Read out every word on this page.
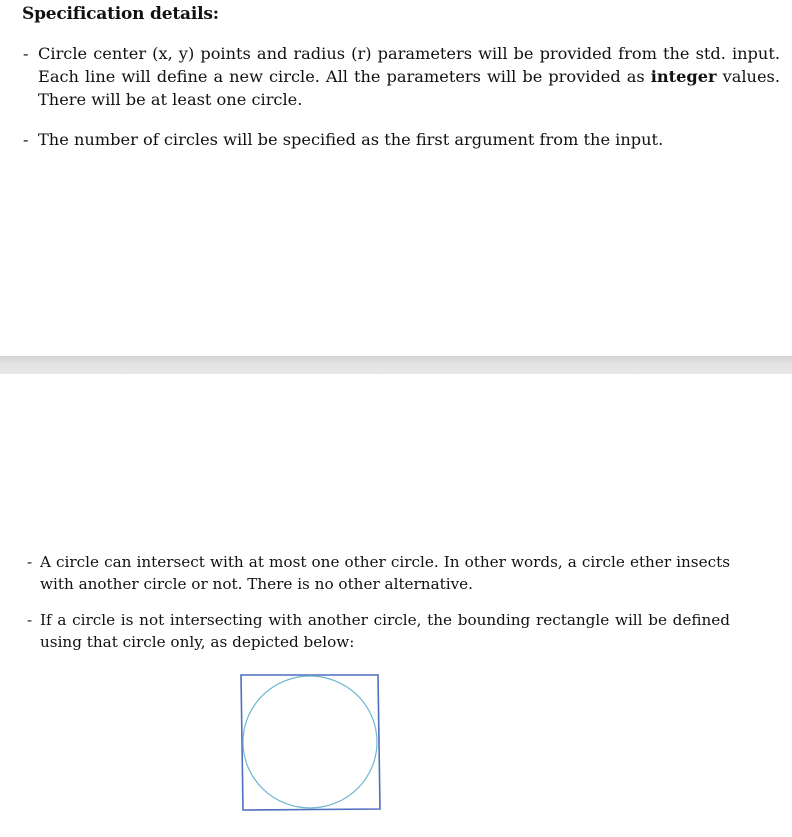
Specification details:
- Circle center (x, y) points and radius (r) parameters will be provided from the std. input. Each line will define a new circle. All the parameters will be provided as integer values. There will be at least one circle.
- The number of circles will be specified as the first argument from the input.
- A circle can intersect with at most one other circle. In other words, a circle ether insects with another circle or not. There is no other alternative.
- If a circle is not intersecting with another circle, the bounding rectangle will be defined using that circle only, as depicted below:
